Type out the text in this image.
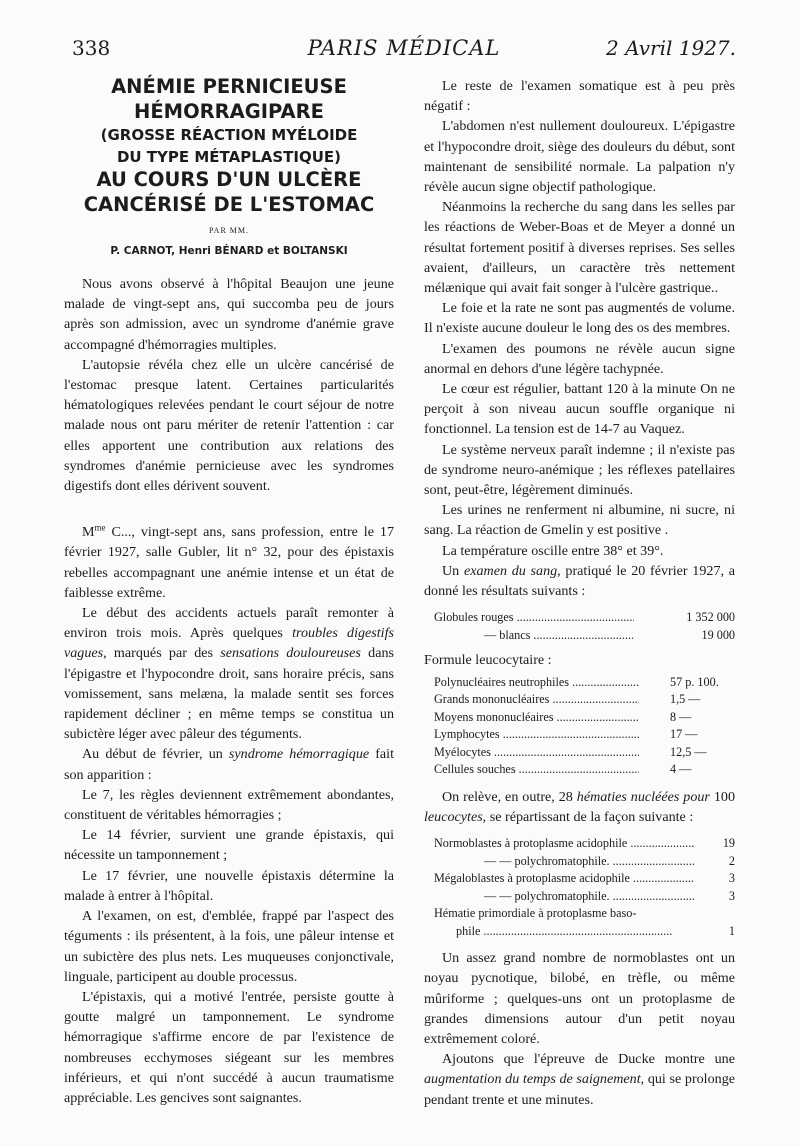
338	PARIS MÉDICAL	2 Avril 1927.
ANÉMIE PERNICIEUSE
HÉMORRAGIPARE
(GROSSE RÉACTION MYÉLOIDE
DU TYPE MÉTAPLASTIQUE)
AU COURS D'UN ULCÈRE
CANCÉRISÉ DE L'ESTOMAC
PAR MM.
P. CARNOT, Henri BÉNARD et BOLTANSKI

Nous avons observé à l'hôpital Beaujon une jeune malade de vingt-sept ans, qui succomba peu de jours après son admission, avec un syndrome d'anémie grave accompagné d'hémorragies multiples.

L'autopsie révéla chez elle un ulcère cancérisé de l'estomac presque latent. Certaines particularités hématologiques relevées pendant le court séjour de notre malade nous ont paru mériter de retenir l'attention : car elles apportent une contribution aux relations des syndromes d'anémie pernicieuse avec les syndromes digestifs dont elles dérivent souvent.

$M^{me}$ C..., vingt-sept ans, sans profession, entre le 17 février 1927, salle Gubler, lit n° 32, pour des épistaxis rebelles accompagnant une anémie intense et un état de faiblesse extrême.

Le début des accidents actuels paraît remonter à environ trois mois. Après quelques troubles digestifs vagues, marqués par des sensations douloureuses dans l'épigastre et l'hypocondre droit, sans horaire précis, sans vomissement, sans melæna, la malade sentit ses forces rapidement décliner ; en même temps se constitua un subictère léger avec pâleur des téguments.

Au début de février, un syndrome hémorragique fait son apparition :

Le 7, les règles deviennent extrêmement abondantes, constituent de véritables hémorragies ;

Le 14 février, survient une grande épistaxis, qui nécessite un tamponnement ;

Le 17 février, une nouvelle épistaxis détermine la malade à entrer à l'hôpital.

A l'examen, on est, d'emblée, frappé par l'aspect des téguments : ils présentent, à la fois, une pâleur intense et un subictère des plus nets. Les muqueuses conjonctivale, linguale, participent au double processus.

L'épistaxis, qui a motivé l'entrée, persiste goutte à goutte malgré un tamponnement. Le syndrome hémorragique s'affirme encore de par l'existence de nombreuses ecchymoses siégeant sur les membres inférieurs, et qui n'ont succédé à aucun traumatisme appréciable. Les gencives sont saignantes.

Le reste de l'examen somatique est à peu près négatif :

L'abdomen n'est nullement douloureux. L'épigastre et l'hypocondre droit, siège des douleurs du début, sont maintenant de sensibilité normale. La palpation n'y révèle aucun signe objectif pathologique.

Néanmoins la recherche du sang dans les selles par les réactions de Weber-Boas et de Meyer a donné un résultat fortement positif à diverses reprises. Ses selles avaient, d'ailleurs, un caractère très nettement mélænique qui avait fait songer à l'ulcère gastrique..

Le foie et la rate ne sont pas augmentés de volume. Il n'existe aucune douleur le long des os des membres.

L'examen des poumons ne révèle aucun signe anormal en dehors d'une légère tachypnée.

Le cœur est régulier, battant 120 à la minute On ne perçoit à son niveau aucun souffle organique ni fonctionnel. La tension est de 14-7 au Vaquez.

Le système nerveux paraît indemne ; il n'existe pas de syndrome neuro-anémique ; les réflexes patellaires sont, peut-être, légèrement diminués.

Les urines ne renferment ni albumine, ni sucre, ni sang. La réaction de Gmelin y est positive .

La température oscille entre 38° et 39°.

Un examen du sang, pratiqué le 20 février 1927, a donné les résultats suivants :

Globules rouges .....	1 352 000
— blancs .....	19 000
Formule leucocytaire :
Polynucléaires neutrophiles .....	57 p. 100.
Grands mononucléaires .....	1,5 —
Moyens mononucléaires .....	8 —
Lymphocytes .....	17 —
Myélocytes .....	12,5 —
Cellules souches .....	4 —

On relève, en outre, 28 hématies nucléées pour 100 leucocytes, se répartissant de la façon suivante :

Normoblastes à protoplasme acidophile .....	19
— — polychromatophile. .....	2
Mégaloblastes à protoplasme acidophile .....	3
— — polychromatophile. .....	3
Hématie primordiale à protoplasme baso-
phile .....	1

Un assez grand nombre de normoblastes ont un noyau pycnotique, bilobé, en trèfle, ou même mûriforme ; quelques-uns ont un protoplasme de grandes dimensions autour d'un petit noyau extrêmement coloré.

Ajoutons que l'épreuve de Ducke montre une augmentation du temps de saignement, qui se prolonge pendant trente et une minutes.
